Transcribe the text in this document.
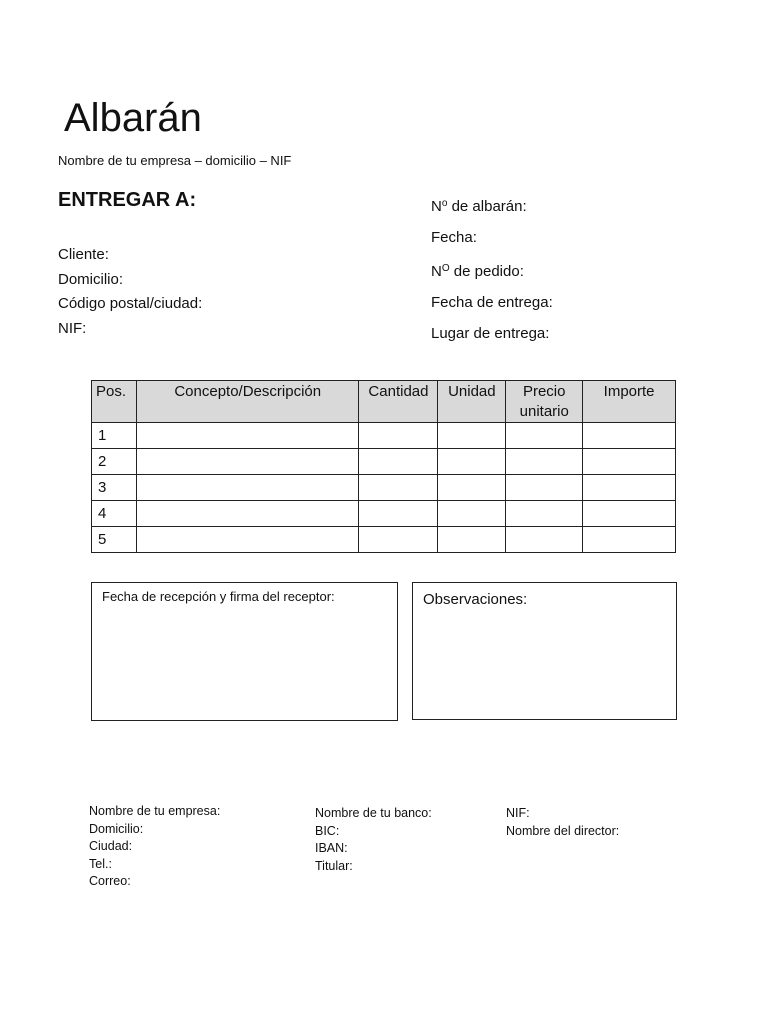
Albarán
Nombre de tu empresa – domicilio – NIF
ENTREGAR A:
Cliente:
Domicilio:
Código postal/ciudad:
NIF:
$N^o$ de albarán:
Fecha:
$N^O$ de pedido:
Fecha de entrega:
Lugar de entrega:
Pos.	Concepto/Descripción	Cantidad	Unidad	Precio unitario	Importe
1					
2					
3					
4					
5					
Fecha de recepción y firma del receptor:	Observaciones:
Nombre de tu empresa:
Domicilio:
Ciudad:
Tel.:
Correo:
Nombre de tu banco:
BIC:
IBAN:
Titular:
NIF:
Nombre del director:
